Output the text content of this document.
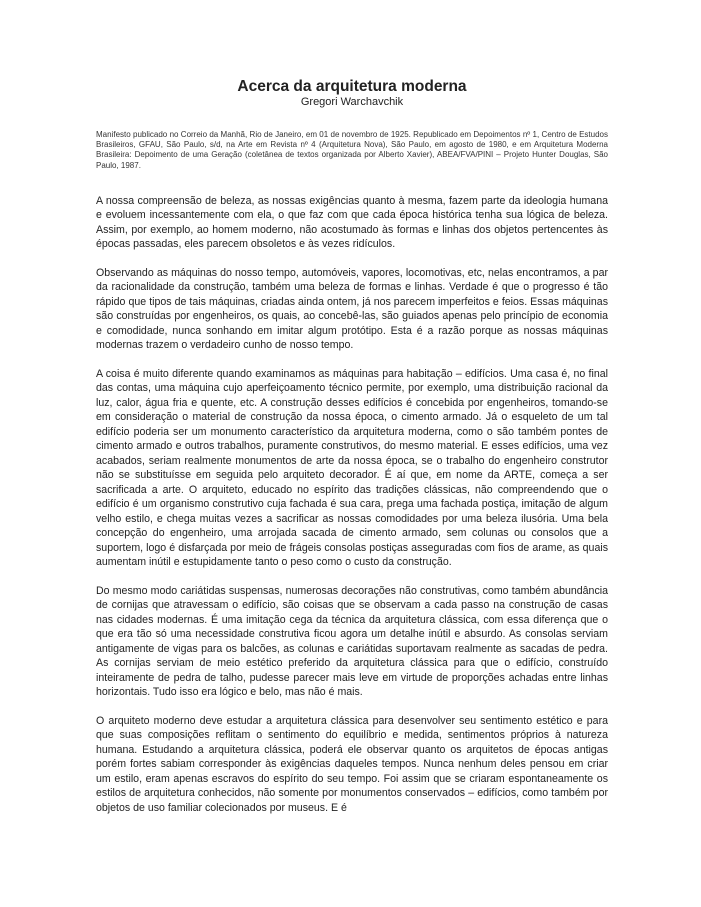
Acerca da arquitetura moderna

Gregori Warchavchik

Manifesto publicado no Correio da Manhã, Rio de Janeiro, em 01 de novembro de 1925. Republicado em Depoimentos nº 1, Centro de Estudos Brasileiros, GFAU, São Paulo, s/d, na Arte em Revista nº 4 (Arquitetura Nova), São Paulo, em agosto de 1980, e em Arquitetura Moderna Brasileira: Depoimento de uma Geração (coletânea de textos organizada por Alberto Xavier), ABEA/FVA/PINI – Projeto Hunter Douglas, São Paulo, 1987.

A nossa compreensão de beleza, as nossas exigências quanto à mesma, fazem parte da ideologia humana e evoluem incessantemente com ela, o que faz com que cada época histórica tenha sua lógica de beleza. Assim, por exemplo, ao homem moderno, não acostumado às formas e linhas dos objetos pertencentes às épocas passadas, eles parecem obsoletos e às vezes ridículos.

Observando as máquinas do nosso tempo, automóveis, vapores, locomotivas, etc, nelas encontramos, a par da racionalidade da construção, também uma beleza de formas e linhas. Verdade é que o progresso é tão rápido que tipos de tais máquinas, criadas ainda ontem, já nos parecem imperfeitos e feios. Essas máquinas são construídas por engenheiros, os quais, ao concebê-las, são guiados apenas pelo princípio de economia e comodidade, nunca sonhando em imitar algum protótipo. Esta é a razão porque as nossas máquinas modernas trazem o verdadeiro cunho de nosso tempo.

A coisa é muito diferente quando examinamos as máquinas para habitação – edifícios. Uma casa é, no final das contas, uma máquina cujo aperfeiçoamento técnico permite, por exemplo, uma distribuição racional da luz, calor, água fria e quente, etc. A construção desses edifícios é concebida por engenheiros, tomando-se em consideração o material de construção da nossa época, o cimento armado. Já o esqueleto de um tal edifício poderia ser um monumento característico da arquitetura moderna, como o são também pontes de cimento armado e outros trabalhos, puramente construtivos, do mesmo material. E esses edifícios, uma vez acabados, seriam realmente monumentos de arte da nossa época, se o trabalho do engenheiro construtor não se substituísse em seguida pelo arquiteto decorador. É aí que, em nome da ARTE, começa a ser sacrificada a arte. O arquiteto, educado no espírito das tradições clássicas, não compreendendo que o edifício é um organismo construtivo cuja fachada é sua cara, prega uma fachada postiça, imitação de algum velho estilo, e chega muitas vezes a sacrificar as nossas comodidades por uma beleza ilusória. Uma bela concepção do engenheiro, uma arrojada sacada de cimento armado, sem colunas ou consolos que a suportem, logo é disfarçada por meio de frágeis consolas postiças asseguradas com fios de arame, as quais aumentam inútil e estupidamente tanto o peso como o custo da construção.

Do mesmo modo cariátidas suspensas, numerosas decorações não construtivas, como também abundância de cornijas que atravessam o edifício, são coisas que se observam a cada passo na construção de casas nas cidades modernas. É uma imitação cega da técnica da arquitetura clássica, com essa diferença que o que era tão só uma necessidade construtiva ficou agora um detalhe inútil e absurdo. As consolas serviam antigamente de vigas para os balcões, as colunas e cariátidas suportavam realmente as sacadas de pedra. As cornijas serviam de meio estético preferido da arquitetura clássica para que o edifício, construído inteiramente de pedra de talho, pudesse parecer mais leve em virtude de proporções achadas entre linhas horizontais. Tudo isso era lógico e belo, mas não é mais.

O arquiteto moderno deve estudar a arquitetura clássica para desenvolver seu sentimento estético e para que suas composições reflitam o sentimento do equilíbrio e medida, sentimentos próprios à natureza humana. Estudando a arquitetura clássica, poderá ele observar quanto os arquitetos de épocas antigas porém fortes sabiam corresponder às exigências daqueles tempos. Nunca nenhum deles pensou em criar um estilo, eram apenas escravos do espírito do seu tempo. Foi assim que se criaram espontaneamente os estilos de arquitetura conhecidos, não somente por monumentos conservados – edifícios, como também por objetos de uso familiar colecionados por museus. E é
